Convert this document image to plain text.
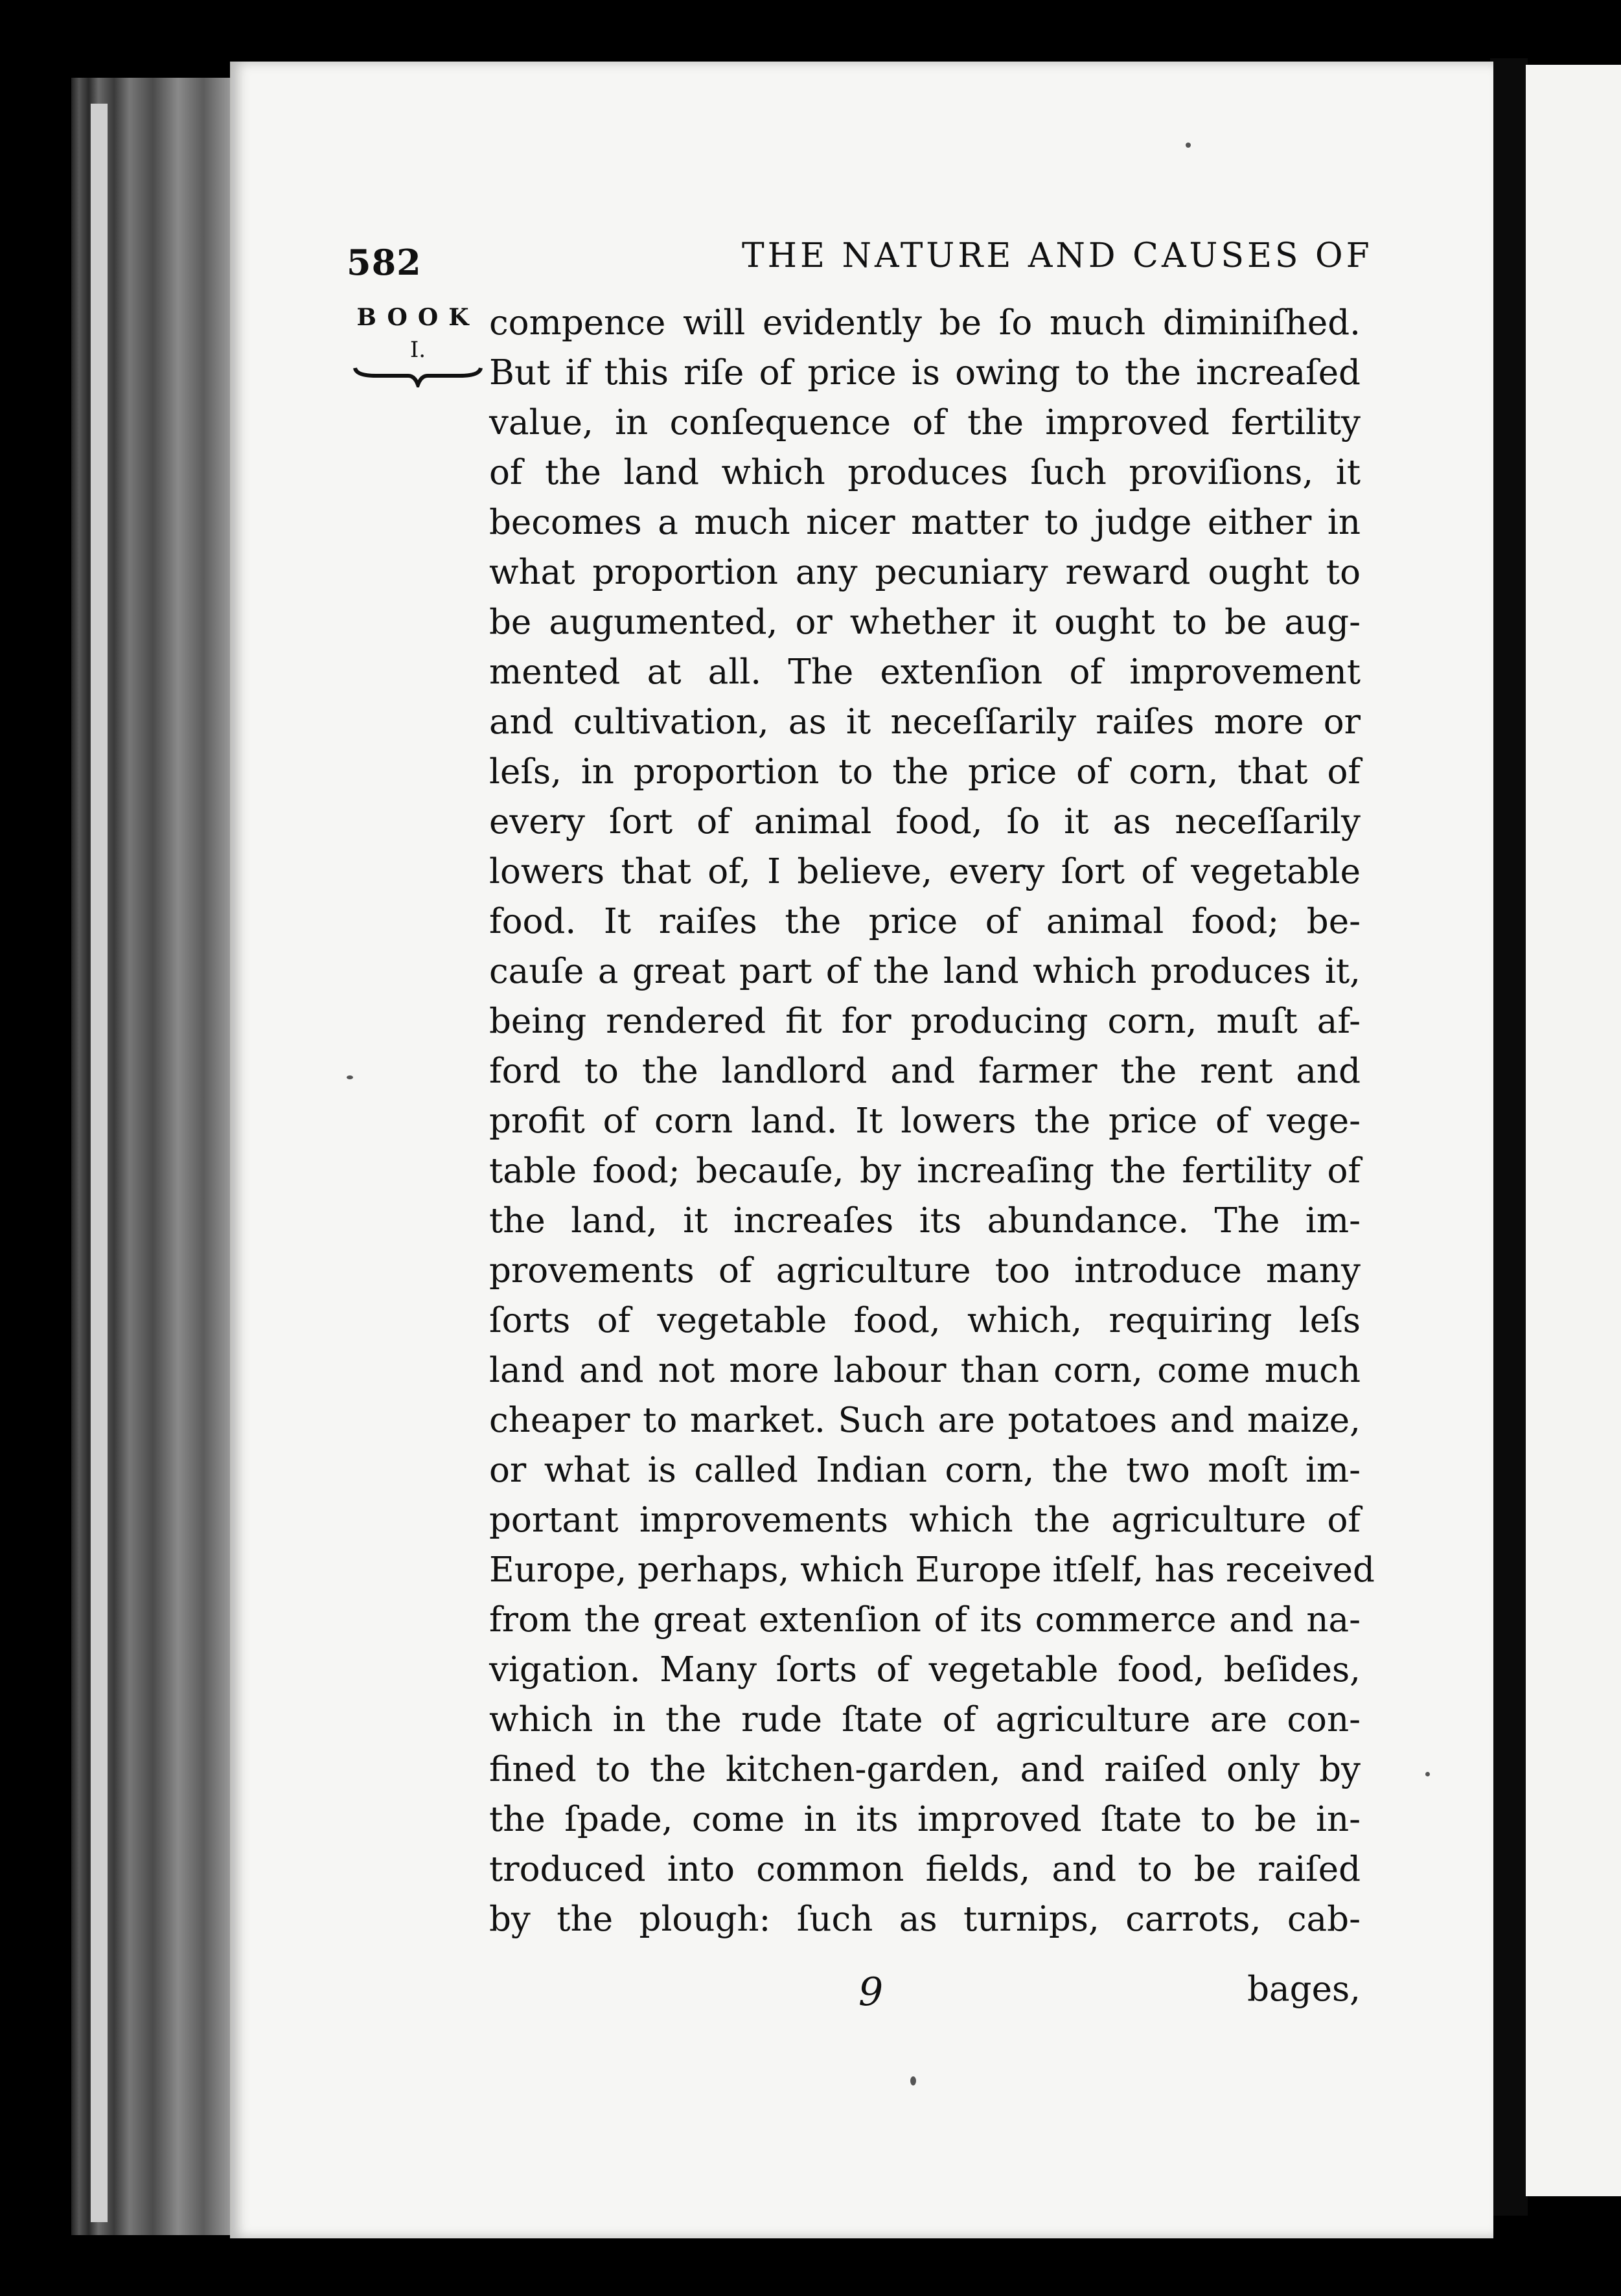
582	THE NATURE AND CAUSES OF
BOOK
I.
compence will evidently be ſo much diminiſhed.
But if this riſe of price is owing to the increaſed
value, in conſequence of the improved fertility
of the land which produces ſuch proviſions, it
becomes a much nicer matter to judge either in
what proportion any pecuniary reward ought to
be augumented, or whether it ought to be aug-
mented at all. The extenſion of improvement
and cultivation, as it neceſſarily raiſes more or
leſs, in proportion to the price of corn, that of
every ſort of animal food, ſo it as neceſſarily
lowers that of, I believe, every ſort of vegetable
food. It raiſes the price of animal food; be-
cauſe a great part of the land which produces it,
being rendered fit for producing corn, muſt af-
ford to the landlord and farmer the rent and
profit of corn land. It lowers the price of vege-
table food; becauſe, by increaſing the fertility of
the land, it increaſes its abundance. The im-
provements of agriculture too introduce many
ſorts of vegetable food, which, requiring leſs
land and not more labour than corn, come much
cheaper to market. Such are potatoes and maize,
or what is called Indian corn, the two moſt im-
portant improvements which the agriculture of
Europe, perhaps, which Europe itſelf, has received
from the great extenſion of its commerce and na-
vigation. Many ſorts of vegetable food, beſides,
which in the rude ſtate of agriculture are con-
fined to the kitchen-garden, and raiſed only by
the ſpade, come in its improved ſtate to be in-
troduced into common fields, and to be raiſed
by the plough: ſuch as turnips, carrots, cab-
9	bages,
